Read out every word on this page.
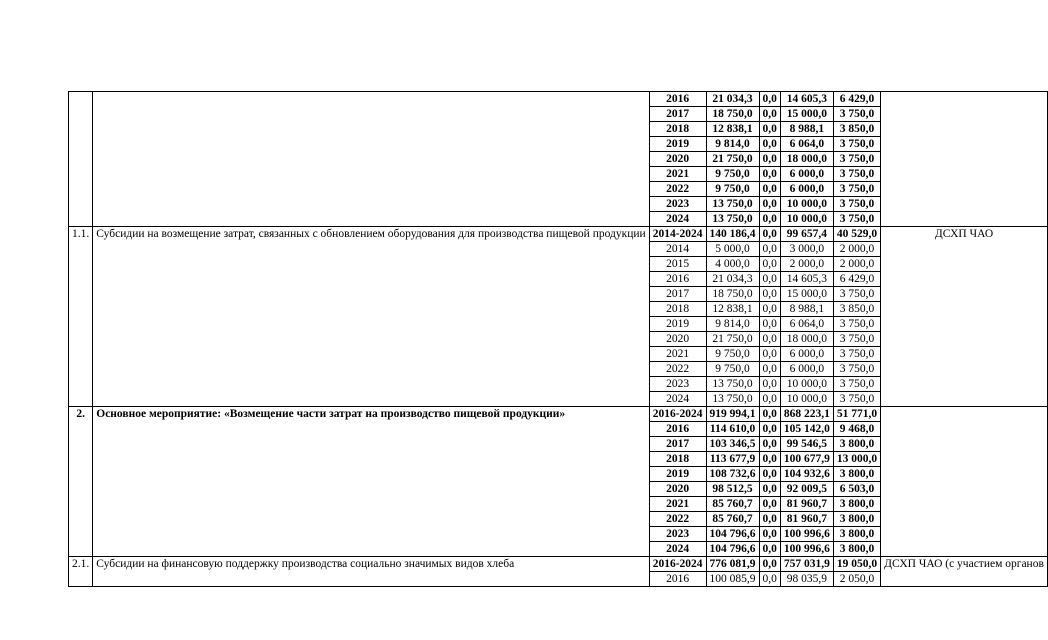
		2016	21 034,3	0,0	14 605,3	6 429,0	
		2017	18 750,0	0,0	15 000,0	3 750,0	
		2018	12 838,1	0,0	8 988,1	3 850,0	
		2019	9 814,0	0,0	6 064,0	3 750,0	
		2020	21 750,0	0,0	18 000,0	3 750,0	
		2021	9 750,0	0,0	6 000,0	3 750,0	
		2022	9 750,0	0,0	6 000,0	3 750,0	
		2023	13 750,0	0,0	10 000,0	3 750,0	
		2024	13 750,0	0,0	10 000,0	3 750,0	
1.1.	Субсидии на возмещение затрат, связанных с обновлением оборудования для производства пищевой продукции	2014-2024	140 186,4	0,0	99 657,4	40 529,0	ДСХП ЧАО
		2014	5 000,0	0,0	3 000,0	2 000,0	
		2015	4 000,0	0,0	2 000,0	2 000,0	
		2016	21 034,3	0,0	14 605,3	6 429,0	
		2017	18 750,0	0,0	15 000,0	3 750,0	
		2018	12 838,1	0,0	8 988,1	3 850,0	
		2019	9 814,0	0,0	6 064,0	3 750,0	
		2020	21 750,0	0,0	18 000,0	3 750,0	
		2021	9 750,0	0,0	6 000,0	3 750,0	
		2022	9 750,0	0,0	6 000,0	3 750,0	
		2023	13 750,0	0,0	10 000,0	3 750,0	
		2024	13 750,0	0,0	10 000,0	3 750,0	
2.	Основное мероприятие: «Возмещение части затрат на производство пищевой продукции»	2016-2024	919 994,1	0,0	868 223,1	51 771,0	
		2016	114 610,0	0,0	105 142,0	9 468,0	
		2017	103 346,5	0,0	99 546,5	3 800,0	
		2018	113 677,9	0,0	100 677,9	13 000,0	
		2019	108 732,6	0,0	104 932,6	3 800,0	
		2020	98 512,5	0,0	92 009,5	6 503,0	
		2021	85 760,7	0,0	81 960,7	3 800,0	
		2022	85 760,7	0,0	81 960,7	3 800,0	
		2023	104 796,6	0,0	100 996,6	3 800,0	
		2024	104 796,6	0,0	100 996,6	3 800,0	
2.1.	Субсидии на финансовую поддержку производства социально значимых видов хлеба	2016-2024	776 081,9	0,0	757 031,9	19 050,0	ДСХП ЧАО (с участием органов
		2016	100 085,9	0,0	98 035,9	2 050,0	
